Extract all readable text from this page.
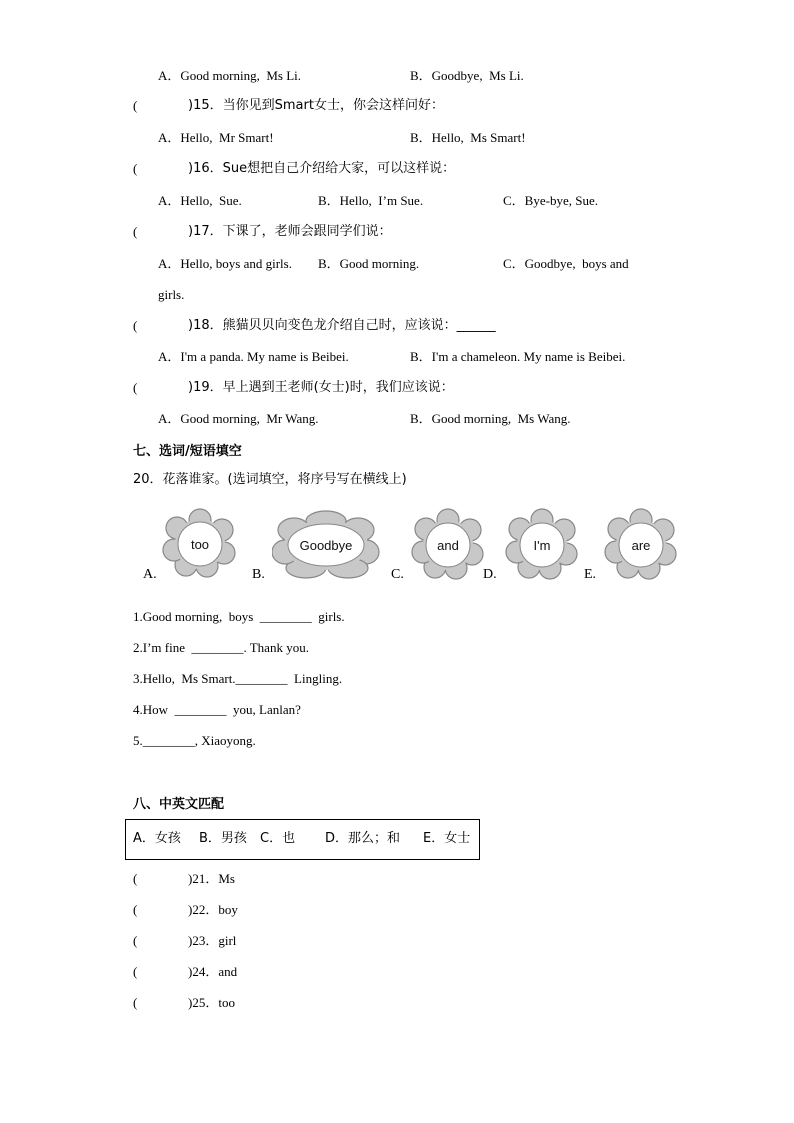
A．Good morning,  Ms Li.	B．Goodbye,  Ms Li.
(	)15．当你见到Smart女士，你会这样问好：
A．Hello,  Mr Smart!	B．Hello,  Ms Smart!
(	)16．Sue想把自己介绍给大家，可以这样说：
A．Hello,  Sue.	B．Hello,  I’m Sue.	C．Bye-bye, Sue.
(	)17．下课了，老师会跟同学们说：
A．Hello, boys and girls. B．Good morning.	C．Goodbye,  boys and
girls.
(	)18．熊猫贝贝向变色龙介绍自己时，应该说：______
A．I'm a panda. My name is Beibei.	B．I'm a chameleon. My name is Beibei.
(	)19．早上遇到王老师(女士)时，我们应该说：
A．Good morning,  Mr Wang.	B．Good morning,  Ms Wang.
七、选词/短语填空
20．花落谁家。(选词填空，将序号写在横线上)
too
A.
Goodbye
B.
and
C.
I'm
D.
are
E.
1.Good morning,  boys  ________  girls.
2.I’m fine  ________. Thank you.
3.Hello,  Ms Smart.________  Lingling.
4.How  ________  you, Lanlan?
5.________, Xiaoyong.
八、中英文匹配
A．女孩 B．男孩 C．也 D．那么；和 E．女士
(	)21．Ms
(	)22．boy
(	)23．girl
(	)24．and
(	)25．too
